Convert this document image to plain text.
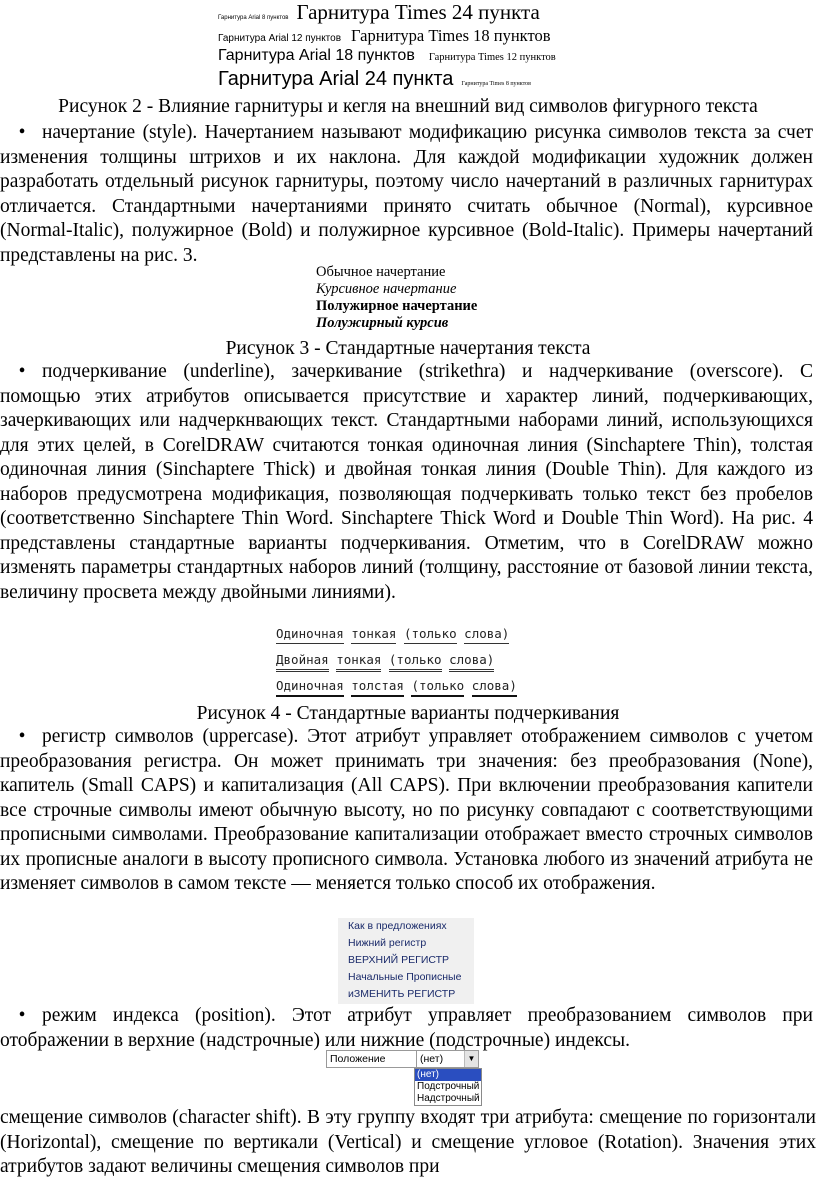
Гарнитура Arial 8 пунктов Гарнитура Times 24 пункта
Гарнитура Arial 12 пунктов Гарнитура Times 18 пунктов
Гарнитура Arial 18 пунктов Гарнитура Times 12 пунктов
Гарнитура Arial 24 пункта Гарнитура Times 8 пунктов
Рисунок 2 - Влияние гарнитуры и кегля на внешний вид символов фигурного текста

• начертание (style). Начертанием называют модификацию рисунка символов текста за счет изменения толщины штрихов и их наклона. Для каждой модификации художник должен разработать отдельный рисунок гарнитуры, поэтому число начертаний в различных гарнитурах отличается. Стандартными начертаниями принято считать обычное (Normal), курсивное (Normal-Italic), полужирное (Bold) и полужирное курсивное (Bold-Italic). Примеры начертаний представлены на рис. 3.

Обычное начертание
Курсивное начертание
Полужирное начертание
Полужирный курсив
Рисунок 3 - Стандартные начертания текста

• подчеркивание (underline), зачеркивание (strikethra) и надчеркивание (overscore). С помощью этих атрибутов описывается присутствие и характер линий, подчеркивающих, зачеркивающих или надчеркнвающих текст. Стандартными наборами линий, использующихся для этих целей, в CorelDRAW считаются тонкая одиночная линия (Sinchaptere Thin), толстая одиночная линия (Sinchaptere Thick) и двойная тонкая линия (Double Thin). Для каждого из наборов предусмотрена модификация, позволяющая подчеркивать только текст без пробелов (соответственно Sinchaptere Thin Word. Sinchaptere Thick Word и Double Thin Word). На рис. 4 представлены стандартные варианты подчеркивания. Отметим, что в CorelDRAW можно изменять параметры стандартных наборов линий (толщину, расстояние от базовой линии текста, величину просвета между двойными линиями).

Одиночная тонкая (только слова)
Двойная тонкая (только слова)
Одиночная толстая (только слова)
Рисунок 4 - Стандартные варианты подчеркивания

• регистр символов (uppercase). Этот атрибут управляет отображением символов с учетом преобразования регистра. Он может принимать три значения: без преобразования (None), капитель (Small CAPS) и капитализация (All CAPS). При включении преобразования капители все строчные символы имеют обычную высоту, но по рисунку совпадают с соответствующими прописными символами. Преобразование капитализации отображает вместо строчных символов их прописные аналоги в высоту прописного символа. Установка любого из значений атрибута не изменяет символов в самом тексте — меняется только способ их отображения.

Как в предложениях
Нижний регистр
ВЕРХНИЙ РЕГИСТР
Начальные Прописные
иЗМЕНИТЬ РЕГИСТР

• режим индекса (position). Этот атрибут управляет преобразованием символов при отображении в верхние (надстрочные) или нижние (подстрочные) индексы.

Положение	(нет)	▼
(нет)
Подстрочный
Надстрочный

смещение символов (character shift). В эту группу входят три атрибута: смещение по горизонтали (Horizontal), смещение по вертикали (Vertical) и смещение угловое (Rotation). Значения этих атрибутов задают величины смещения символов при
